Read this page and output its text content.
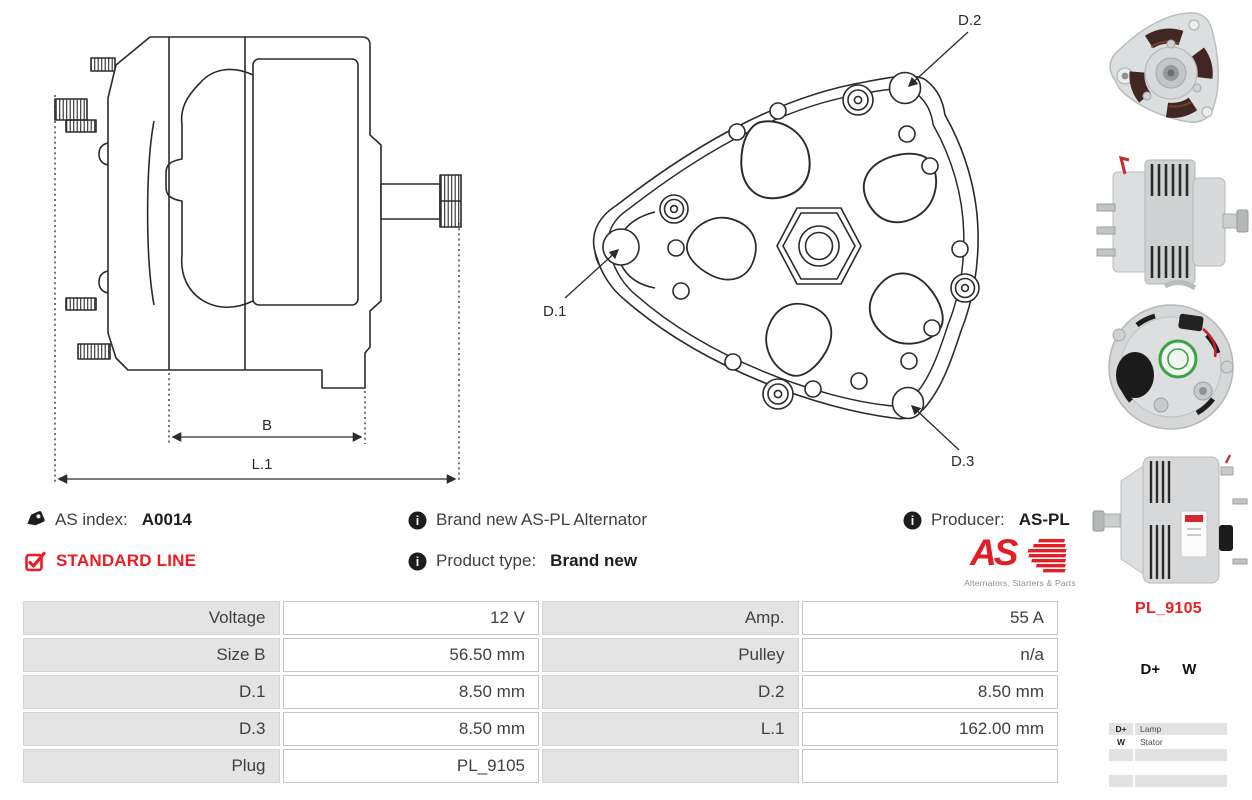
B
L.1
D.2
D.1
D.3
AS index: A0014	i Brand new AS-PL Alternator	i Producer: AS-PL
STANDARD LINE	i Product type: Brand new	AS
Alternators, Starters & Parts
Voltage	12 V	Amp.	55 A
Size B	56.50 mm	Pulley	n/a
D.1	8.50 mm	D.2	8.50 mm
D.3	8.50 mm	L.1	162.00 mm
Plug	PL_9105		
PL_9105
D+ W
D+	Lamp
W	Stator
